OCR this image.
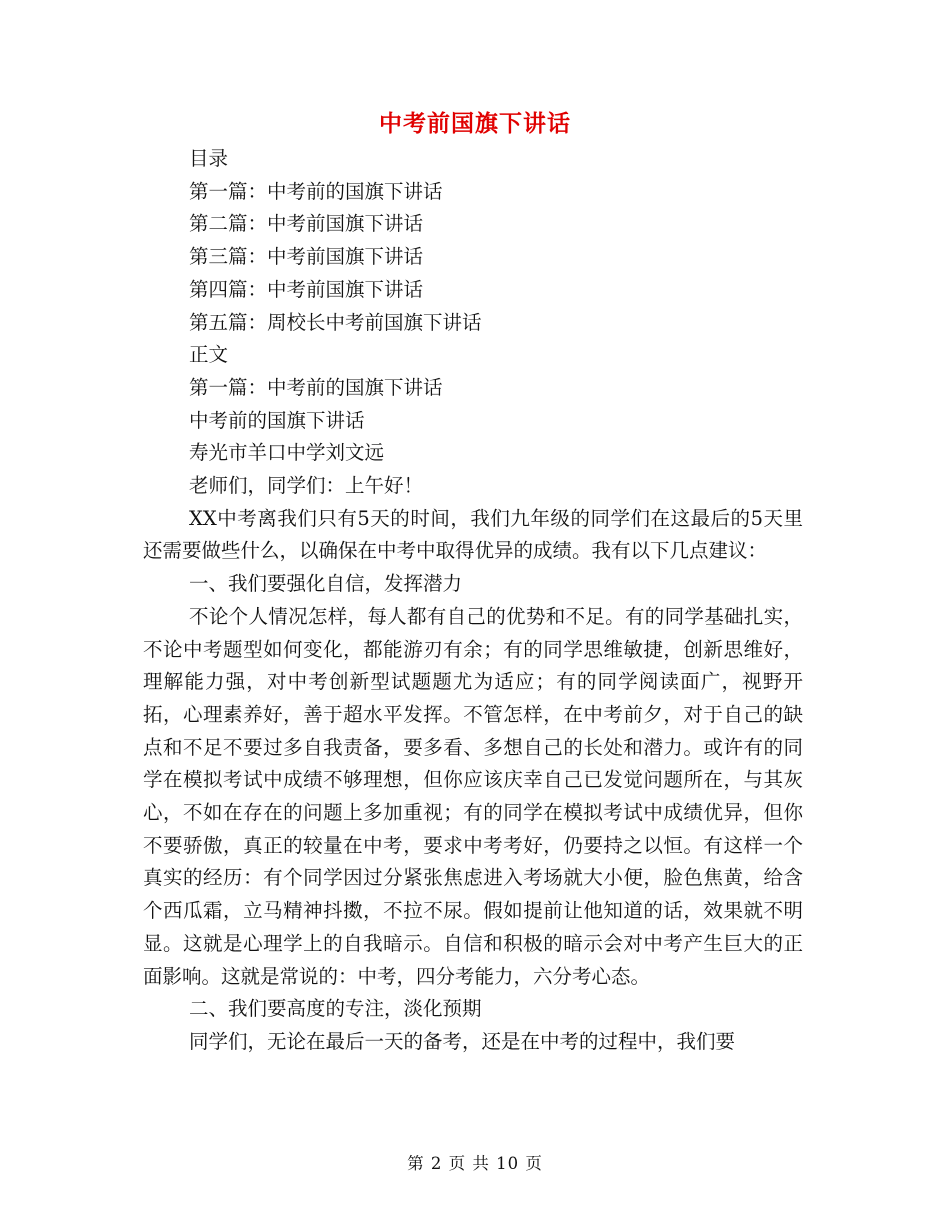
中考前国旗下讲话
目录
第一篇：中考前的国旗下讲话
第二篇：中考前国旗下讲话
第三篇：中考前国旗下讲话
第四篇：中考前国旗下讲话
第五篇：周校长中考前国旗下讲话
正文
第一篇：中考前的国旗下讲话
中考前的国旗下讲话
寿光市羊口中学刘文远
老师们，同学们：上午好！

XX中考离我们只有5天的时间，我们九年级的同学们在这最后的5天里还需要做些什么，以确保在中考中取得优异的成绩。我有以下几点建议：

一、我们要强化自信，发挥潜力

不论个人情况怎样，每人都有自己的优势和不足。有的同学基础扎实，不论中考题型如何变化，都能游刃有余；有的同学思维敏捷，创新思维好，理解能力强，对中考创新型试题题尤为适应；有的同学阅读面广，视野开拓，心理素养好，善于超水平发挥。不管怎样，在中考前夕，对于自己的缺点和不足不要过多自我责备，要多看、多想自己的长处和潜力。或许有的同学在模拟考试中成绩不够理想，但你应该庆幸自己已发觉问题所在，与其灰心，不如在存在的问题上多加重视；有的同学在模拟考试中成绩优异，但你不要骄傲，真正的较量在中考，要求中考考好，仍要持之以恒。有这样一个真实的经历：有个同学因过分紧张焦虑进入考场就大小便，脸色焦黄，给含个西瓜霜，立马精神抖擞，不拉不尿。假如提前让他知道的话，效果就不明显。这就是心理学上的自我暗示。自信和积极的暗示会对中考产生巨大的正面影响。这就是常说的：中考，四分考能力，六分考心态。

二、我们要高度的专注，淡化预期

同学们，无论在最后一天的备考，还是在中考的过程中，我们要

第 2 页 共 10 页
